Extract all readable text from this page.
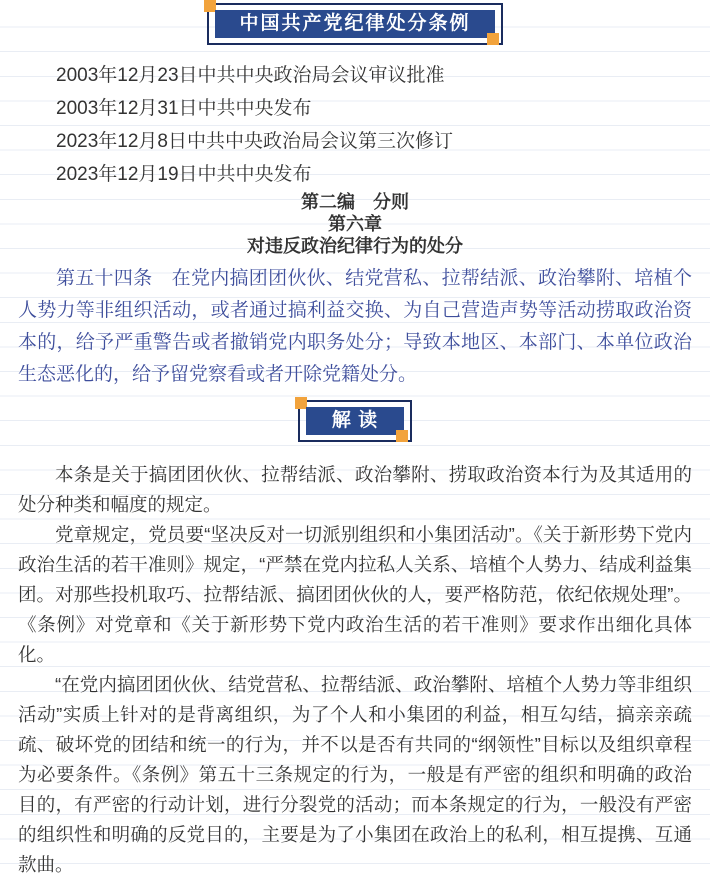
中国共产党纪律处分条例

2003年12月23日中共中央政治局会议审议批准

2003年12月31日中共中央发布

2023年12月8日中共中央政治局会议第三次修订

2023年12月19日中共中央发布

第二编　分则
第六章
对违反政治纪律行为的处分

第五十四条　在党内搞团团伙伙、结党营私、拉帮结派、政治攀附、培植个人势力等非组织活动，或者通过搞利益交换、为自己营造声势等活动捞取政治资本的，给予严重警告或者撤销党内职务处分；导致本地区、本部门、本单位政治生态恶化的，给予留党察看或者开除党籍处分。

解 读

本条是关于搞团团伙伙、拉帮结派、政治攀附、捞取政治资本行为及其适用的处分种类和幅度的规定。

党章规定，党员要“坚决反对一切派别组织和小集团活动”。《关于新形势下党内政治生活的若干准则》规定，“严禁在党内拉私人关系、培植个人势力、结成利益集团。对那些投机取巧、拉帮结派、搞团团伙伙的人，要严格防范，依纪依规处理”。《条例》对党章和《关于新形势下党内政治生活的若干准则》要求作出细化具体化。

“在党内搞团团伙伙、结党营私、拉帮结派、政治攀附、培植个人势力等非组织活动”实质上针对的是背离组织，为了个人和小集团的利益，相互勾结，搞亲亲疏疏、破坏党的团结和统一的行为，并不以是否有共同的“纲领性”目标以及组织章程为必要条件。《条例》第五十三条规定的行为，一般是有严密的组织和明确的政治目的，有严密的行动计划，进行分裂党的活动；而本条规定的行为，一般没有严密的组织性和明确的反党目的，主要是为了小集团在政治上的私利，相互提携、互通款曲。
